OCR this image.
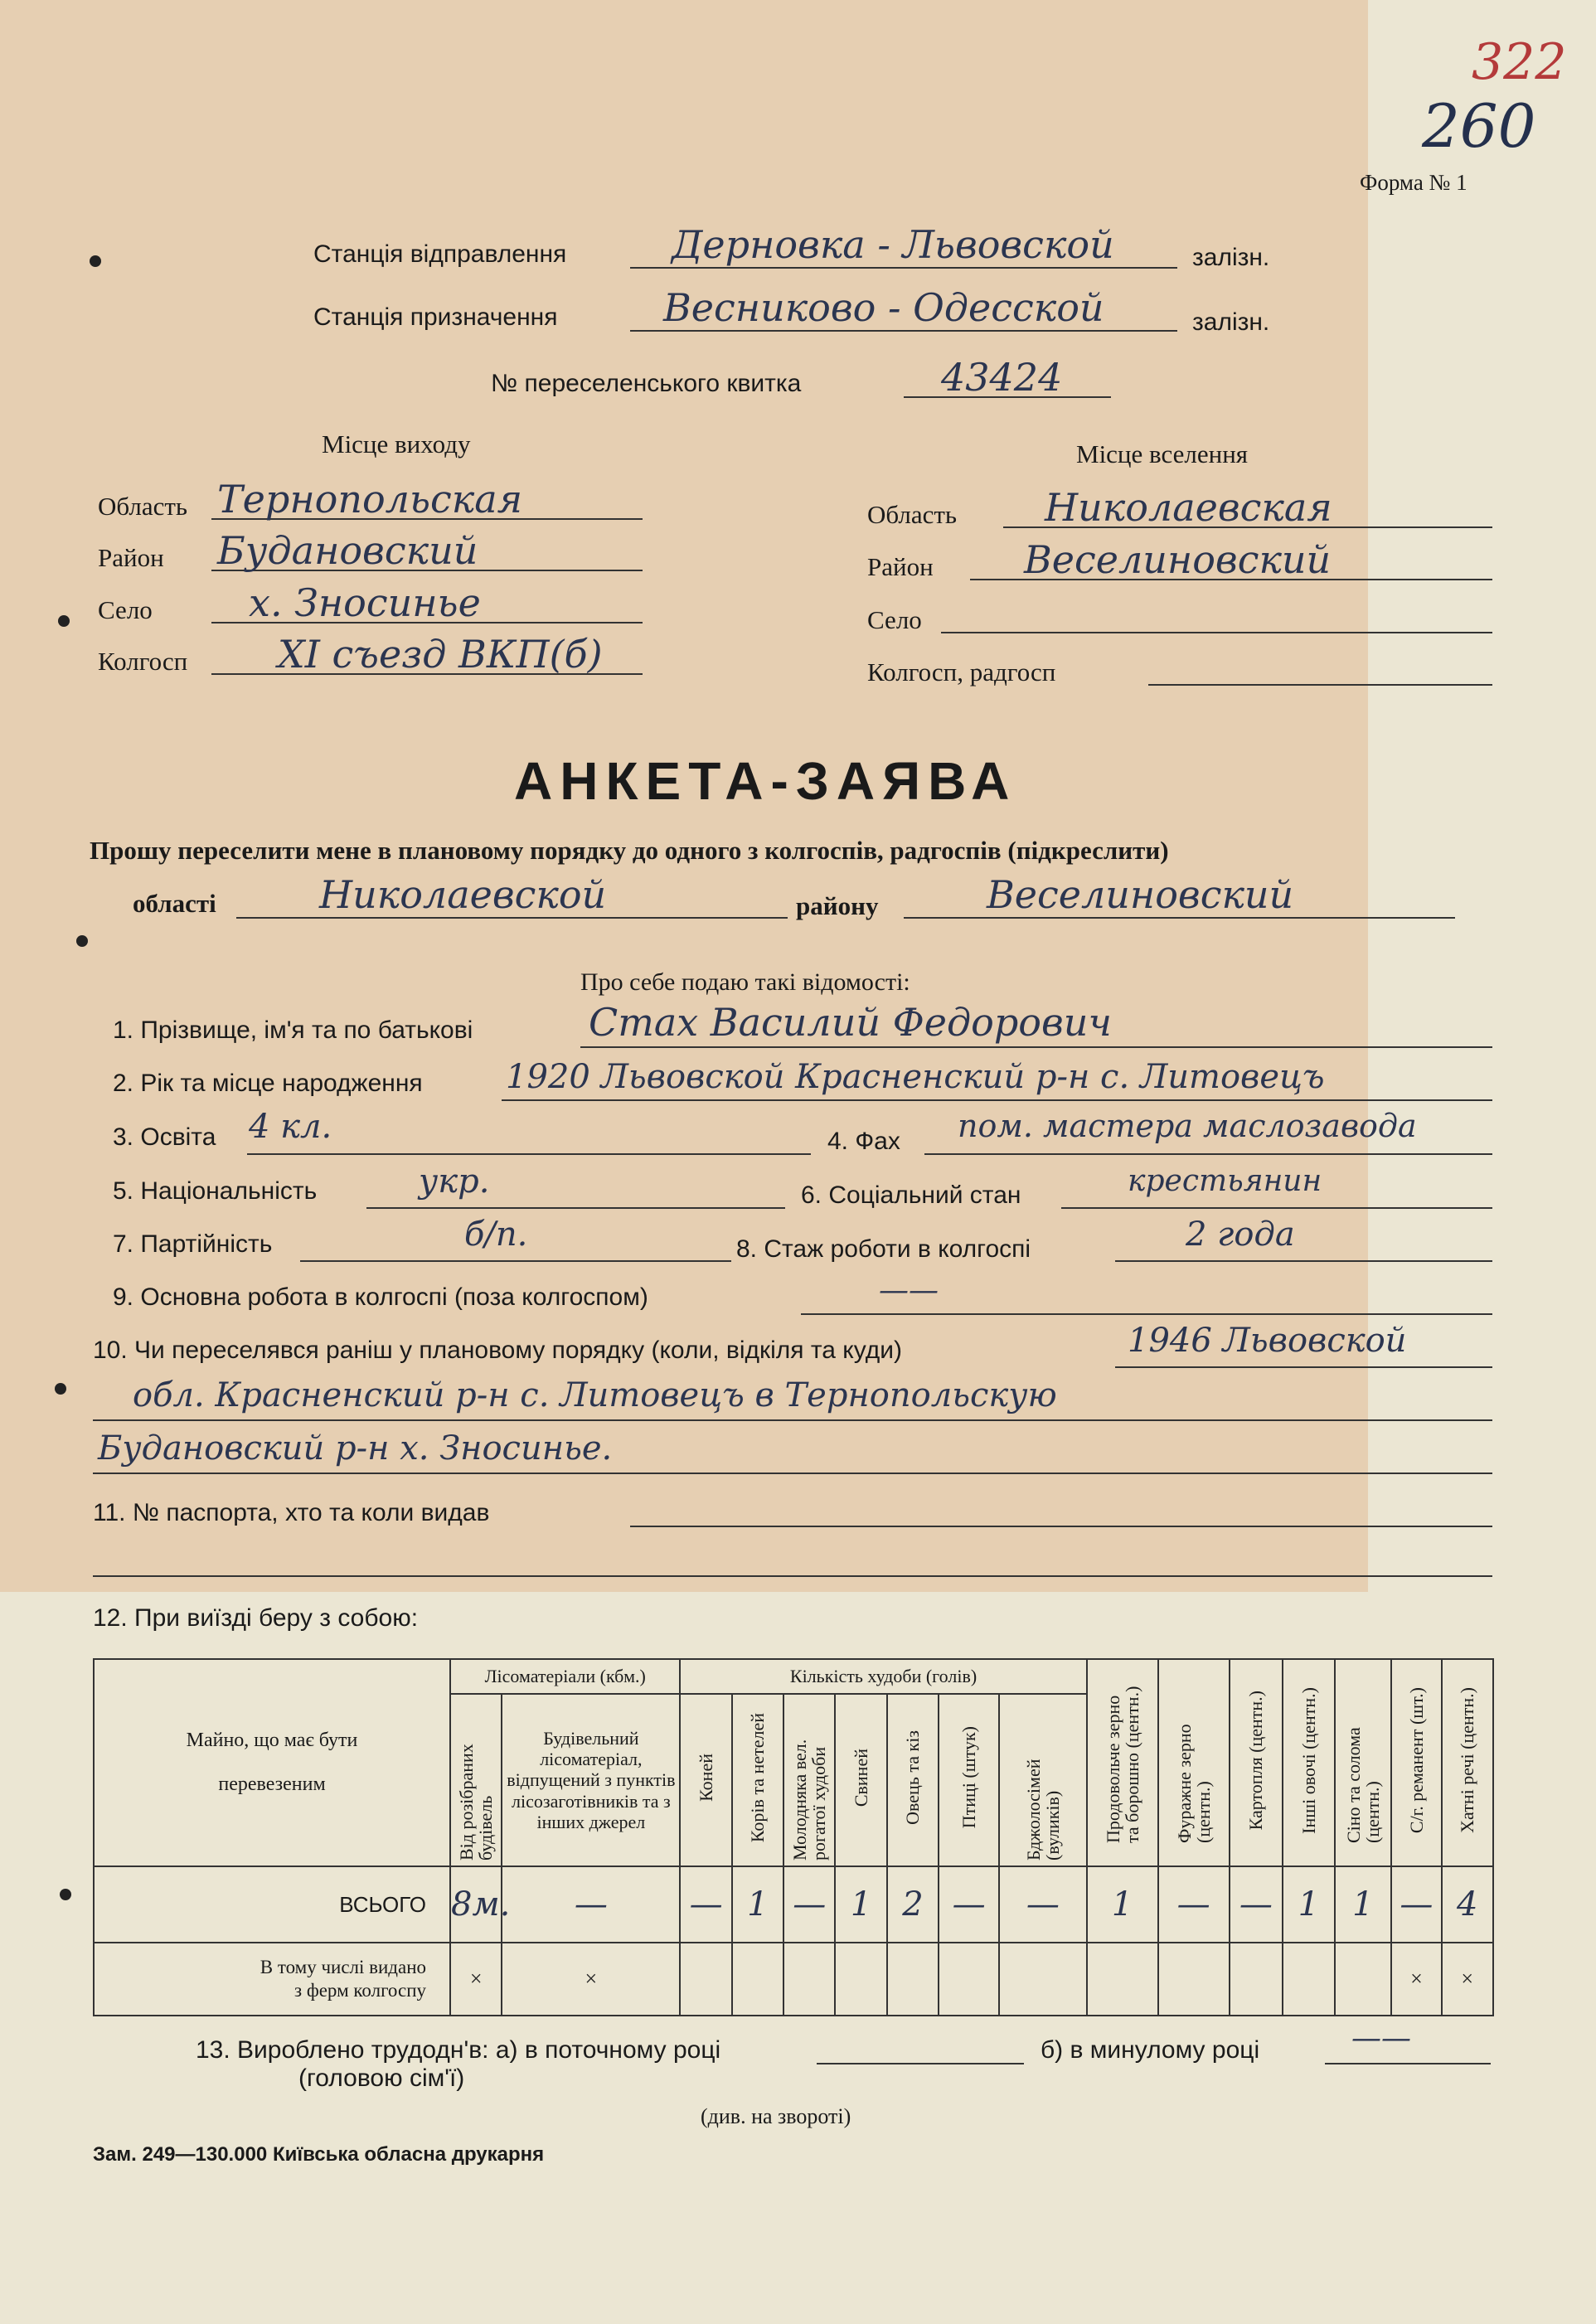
322
260
Форма № 1
Станція відправлення	Дерновка - Львовской	залізн.
Станція призначення	Весниково - Одесской	залізн.
№ переселенського квитка	43424
Місце виходу	Місце вселення
Область Тернопольская
Район Будановский
Село	х. Зносинье
Колгосп XI съезд ВКП(б)
Область Николаевская
Район Веселиновский
Село
Колгосп, радгосп
АНКЕТА-ЗАЯВА
Прошу переселити мене в плановому порядку до одного з колгоспів, радгоспів (підкреслити)
області	Николаевской	району	Веселиновский
Про себе подаю такі відомості:
1. Прізвище, ім'я та по батькові	Стах Василий Федорович
2. Рік та місце народження	1920 Львовской Красненский р-н с. Литовецъ
3. Освіта 4 кл.	4. Фах пом. мастера маслозавода
5. Національність	укр.	6. Соціальний стан	крестьянин
7. Партійність	б/п.	8. Стаж роботи в колгоспі	2 года
9. Основна робота в колгоспі (поза колгоспом)	——
10. Чи переселявся раніш у плановому порядку (коли, відкіля та куди)	1946 Львовской
обл. Красненский р-н с. Литовецъ в Тернопольскую
Будановский р-н х. Зносинье.
11. № паспорта, хто та коли видав
12. При виїзді беру з собою:
Майно, що має бути
перевезеним	Лісоматеріали (кбм.)		Кількість худоби (голів)							Продовольче зерно та борошно (центн.)	Фуражне зерно (центн.)	Картопля (центн.)	Інші овочі (центн.)	Сіно та солома (центн.)	С/г. реманент (шт.)	Хатні речі (центн.)
	Від розібраних будівель	Будівельний лісоматеріал, відпущений з пунктів лісозаготівників та з інших джерел	Коней	Корів та нетелей	Молодняка вел. рогатої худоби	Свиней	Овець та кіз	Птиці (штук)	Бджолосімей (вуликів)							
ВСЬОГО	8м.	—	—	1	—	1	2	—	—	1	—	—	1	1	—	4
В тому числі видано
з ферм колгоспу	×	×													×	×
13. Вироблено трудодн'в: а) в поточному році	б) в минулому році	——
(головою сім'ї)
(див. на звороті)
Зам. 249—130.000 Київська обласна друкарня
